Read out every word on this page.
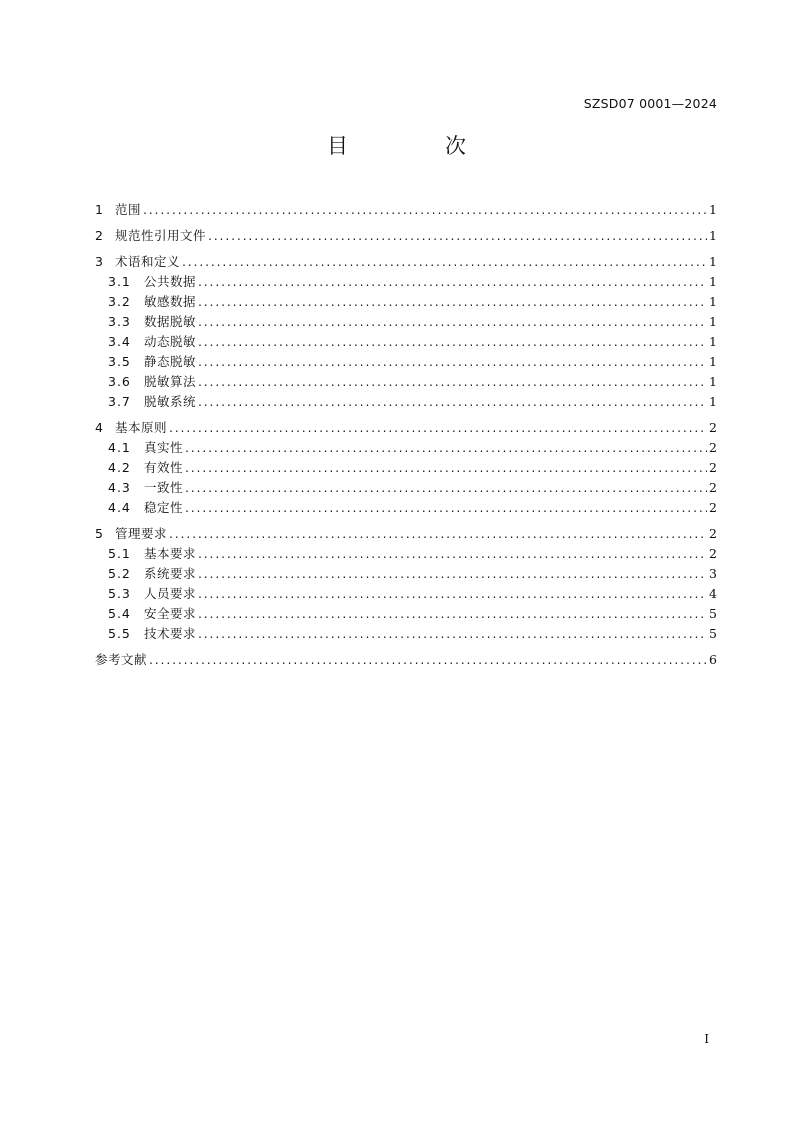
SZSD07 0001—2024
目　次
1 范围 .....	1
2 规范性引用文件 .....	1
3 术语和定义 .....	1
3.1	公共数据 .....	1
3.2	敏感数据 .....	1
3.3	数据脱敏 .....	1
3.4	动态脱敏 .....	1
3.5	静态脱敏 .....	1
3.6	脱敏算法 .....	1
3.7	脱敏系统 .....	1
4 基本原则 .....	2
4.1	真实性 .....	2
4.2	有效性 .....	2
4.3	一致性 .....	2
4.4	稳定性 .....	2
5 管理要求 .....	2
5.1	基本要求 .....	2
5.2	系统要求 .....	3
5.3	人员要求 .....	4
5.4	安全要求 .....	5
5.5	技术要求 .....	5
参考文献 .....	6
I
